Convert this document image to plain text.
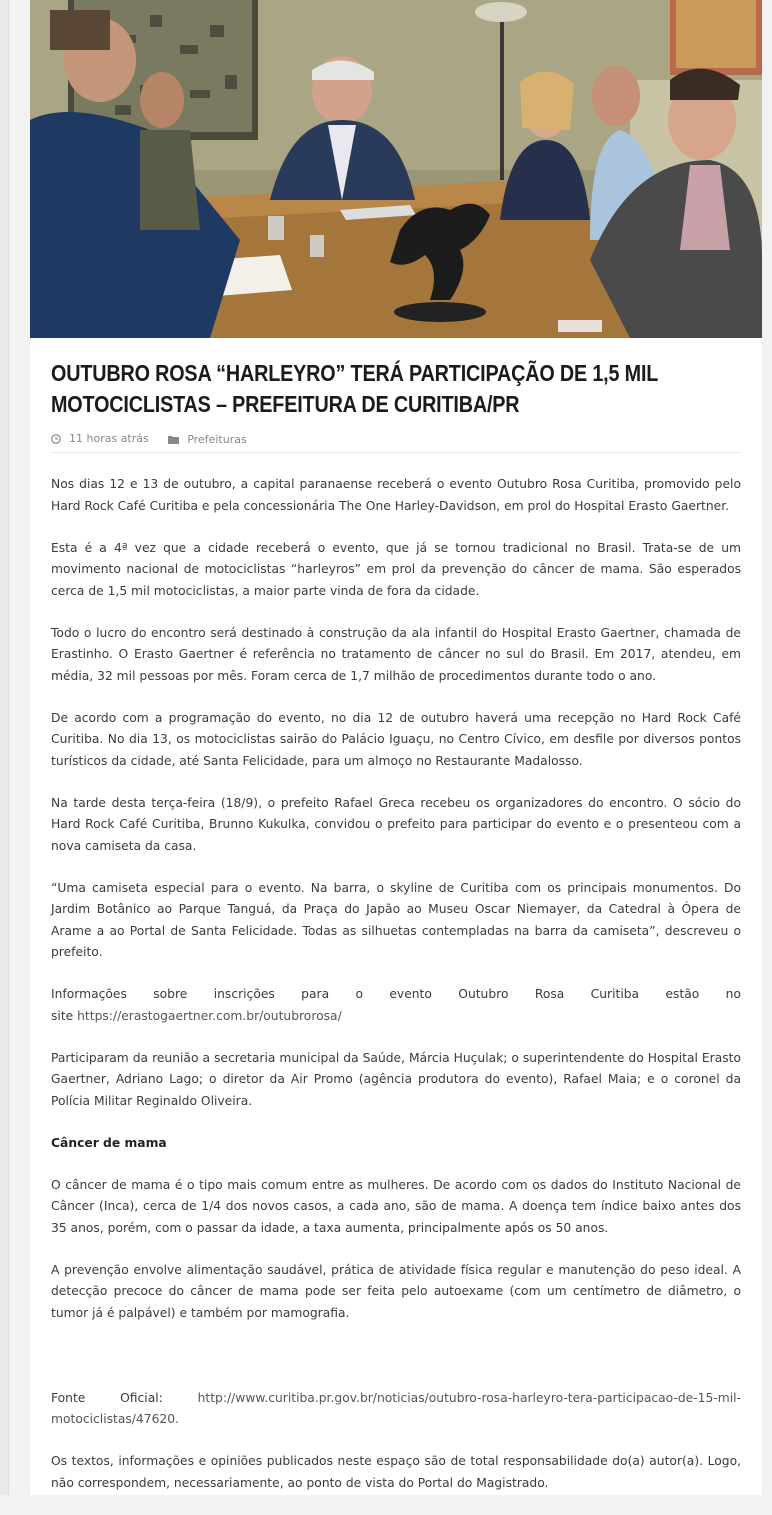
OUTUBRO ROSA “HARLEYRO” TERÁ PARTICIPAÇÃO DE 1,5 MIL MOTOCICLISTAS – PREFEITURA DE CURITIBA/PR
11 horas atrás
	Prefeituras

Nos dias 12 e 13 de outubro, a capital paranaense receberá o evento Outubro Rosa Curitiba, promovido pelo Hard Rock Café Curitiba e pela concessionária The One Harley-Davidson, em prol do Hospital Erasto Gaertner.

Esta é a 4ª vez que a cidade receberá o evento, que já se tornou tradicional no Brasil. Trata-se de um movimento nacional de motociclistas “harleyros” em prol da prevenção do câncer de mama. São esperados cerca de 1,5 mil motociclistas, a maior parte vinda de fora da cidade.

Todo o lucro do encontro será destinado à construção da ala infantil do Hospital Erasto Gaertner, chamada de Erastinho. O Erasto Gaertner é referência no tratamento de câncer no sul do Brasil. Em 2017, atendeu, em média, 32 mil pessoas por mês. Foram cerca de 1,7 milhão de procedimentos durante todo o ano.

De acordo com a programação do evento, no dia 12 de outubro haverá uma recepção no Hard Rock Café Curitiba. No dia 13, os motociclistas sairão do Palácio Iguaçu, no Centro Cívico, em desfile por diversos pontos turísticos da cidade, até Santa Felicidade, para um almoço no Restaurante Madalosso.

Na tarde desta terça-feira (18/9), o prefeito Rafael Greca recebeu os organizadores do encontro. O sócio do Hard Rock Café Curitiba, Brunno Kukulka, convidou o prefeito para participar do evento e o presenteou com a nova camiseta da casa.

“Uma camiseta especial para o evento. Na barra, o skyline de Curitiba com os principais monumentos. Do Jardim Botânico ao Parque Tanguá, da Praça do Japão ao Museu Oscar Niemayer, da Catedral à Ópera de Arame a ao Portal de Santa Felicidade. Todas as silhuetas contempladas na barra da camiseta”, descreveu o prefeito.

Informações sobre inscrições para o evento Outubro Rosa Curitiba estão no
site https://erastogaertner.com.br/outubrorosa/

Participaram da reunião a secretaria municipal da Saúde, Márcia Huçulak; o superintendente do Hospital Erasto Gaertner, Adriano Lago; o diretor da Air Promo (agência produtora do evento), Rafael Maia; e o coronel da Polícia Militar Reginaldo Oliveira.

Câncer de mama

O câncer de mama é o tipo mais comum entre as mulheres. De acordo com os dados do Instituto Nacional de Câncer (Inca), cerca de 1/4 dos novos casos, a cada ano, são de mama. A doença tem índice baixo antes dos 35 anos, porém, com o passar da idade, a taxa aumenta, principalmente após os 50 anos.

A prevenção envolve alimentação saudável, prática de atividade física regular e manutenção do peso ideal. A detecção precoce do câncer de mama pode ser feita pelo autoexame (com um centímetro de diâmetro, o tumor já é palpável) e também por mamografia.

Fonte	Oficial:	http://www.curitiba.pr.gov.br/noticias/outubro-rosa-harleyro-tera-participacao-de-15-mil-
motociclistas/47620.

Os textos, informações e opiniões publicados neste espaço são de total responsabilidade do(a) autor(a). Logo, não correspondem, necessariamente, ao ponto de vista do Portal do Magistrado.
